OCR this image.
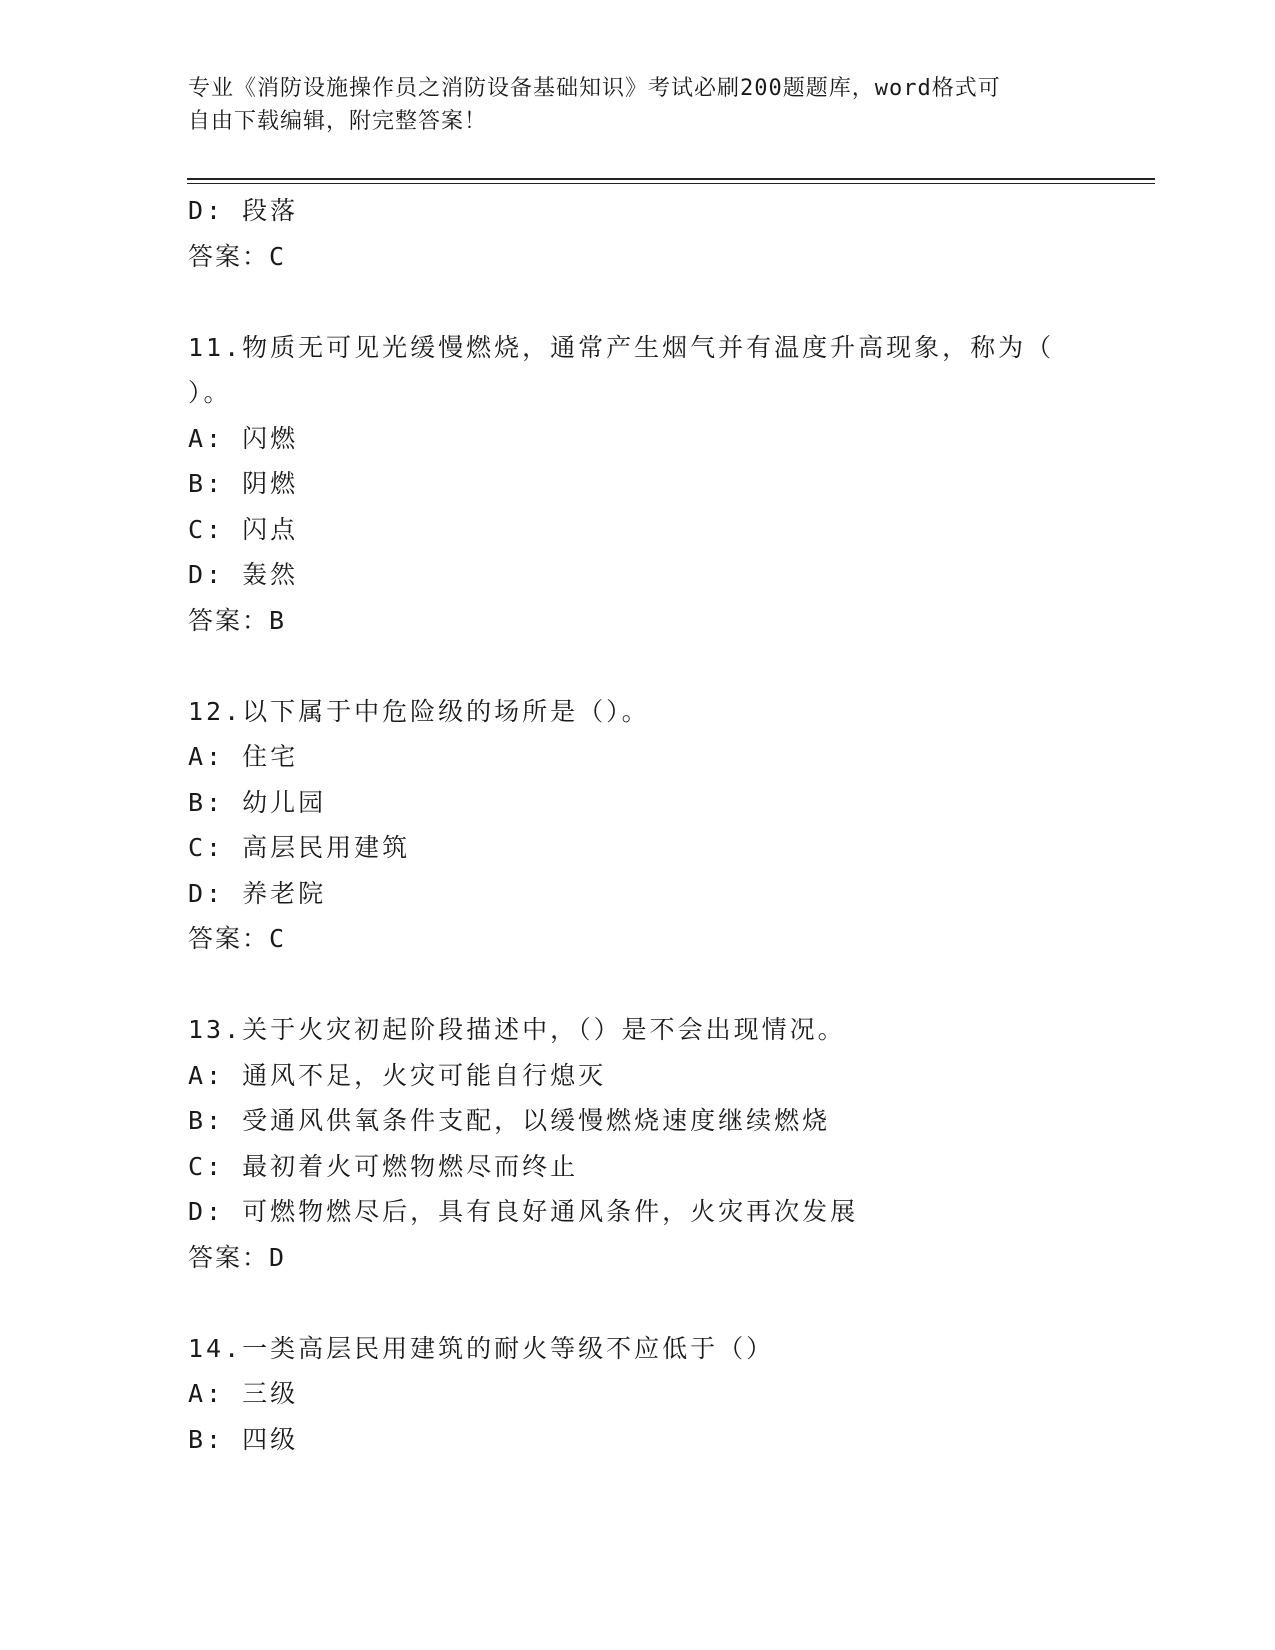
专业《消防设施操作员之消防设备基础知识》考试必刷200题题库，word格式可
自由下载编辑，附完整答案！
D: 段落
答案：C
11.物质无可见光缓慢燃烧，通常产生烟气并有温度升高现象，称为（
）。
A: 闪燃
B: 阴燃
C: 闪点
D: 轰然
答案：B
12.以下属于中危险级的场所是（）。
A: 住宅
B: 幼儿园
C: 高层民用建筑
D: 养老院
答案：C
13.关于火灾初起阶段描述中，（）是不会出现情况。
A: 通风不足，火灾可能自行熄灭
B: 受通风供氧条件支配，以缓慢燃烧速度继续燃烧
C: 最初着火可燃物燃尽而终止
D: 可燃物燃尽后，具有良好通风条件，火灾再次发展
答案：D
14.一类高层民用建筑的耐火等级不应低于（）
A: 三级
B: 四级
